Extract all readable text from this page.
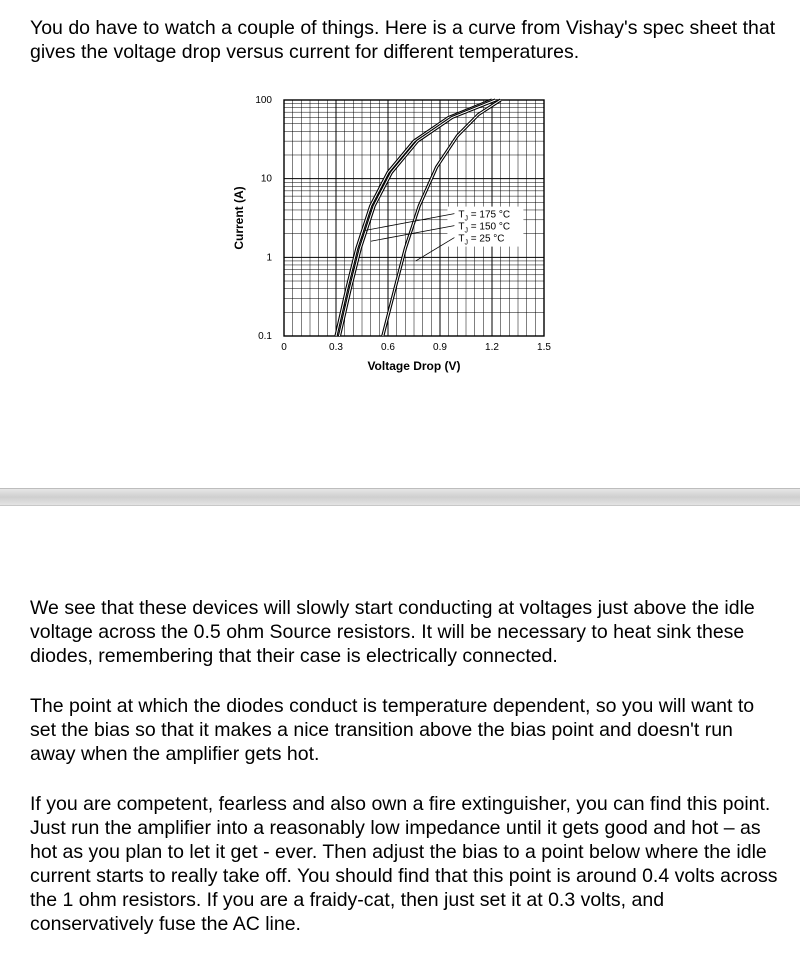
You do have to watch a couple of things. Here is a curve from Vishay's spec sheet that gives the voltage drop versus current for different temperatures.

$T_J = 175$ °C
$T_J = 150$ °C
$T_J = 25$ °C
0	0.3	0.6	0.9	1.2	1.5
0.1
1
10
100
Voltage Drop (V)
Current (A)

We see that these devices will slowly start conducting at voltages just above the idle voltage across the 0.5 ohm Source resistors. It will be necessary to heat sink these diodes, remembering that their case is electrically connected.

The point at which the diodes conduct is temperature dependent, so you will want to set the bias so that it makes a nice transition above the bias point and doesn't run away when the amplifier gets hot.

If you are competent, fearless and also own a fire extinguisher, you can find this point. Just run the amplifier into a reasonably low impedance until it gets good and hot – as hot as you plan to let it get - ever. Then adjust the bias to a point below where the idle current starts to really take off. You should find that this point is around 0.4 volts across the 1 ohm resistors. If you are a fraidy-cat, then just set it at 0.3 volts, and conservatively fuse the AC line.
